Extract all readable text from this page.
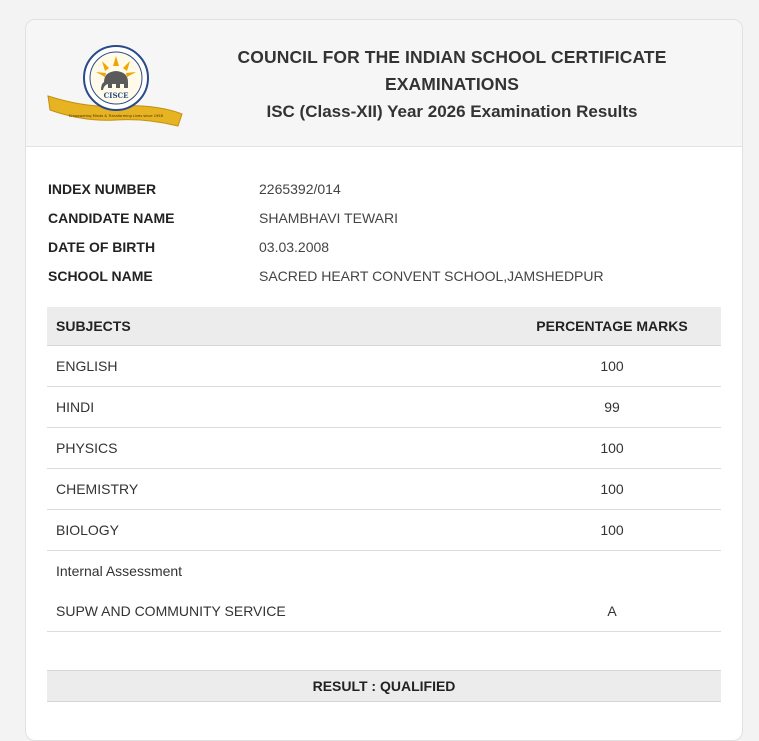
Empowering Minds & Transforming Lives since 1958
CISCE
COUNCIL FOR THE INDIAN SCHOOL CERTIFICATE
EXAMINATIONS
ISC (Class-XII) Year 2026 Examination Results
INDEX NUMBER	2265392/014
CANDIDATE NAME	SHAMBHAVI TEWARI
DATE OF BIRTH	03.03.2008
SCHOOL NAME	SACRED HEART CONVENT SCHOOL,JAMSHEDPUR
SUBJECTS	PERCENTAGE MARKS
ENGLISH	100
HINDI	99
PHYSICS	100
CHEMISTRY	100
BIOLOGY	100
Internal Assessment	
SUPW AND COMMUNITY SERVICE	A
RESULT : QUALIFIED
